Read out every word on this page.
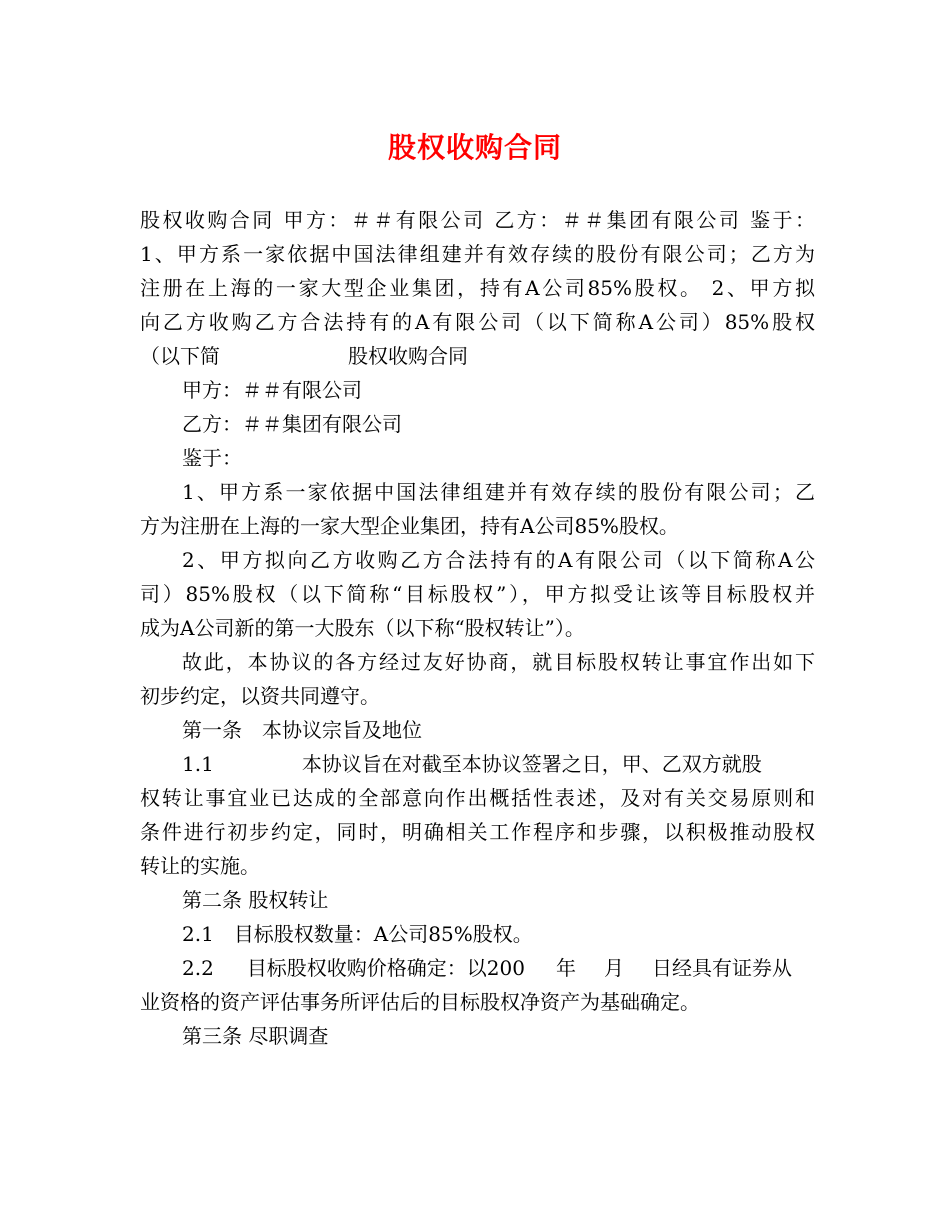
股权收购合同
股权收购合同 甲方：＃＃有限公司 乙方：＃＃集团有限公司 鉴于：
1、甲方系一家依据中国法律组建并有效存续的股份有限公司；乙方为
注册在上海的一家大型企业集团，持有A公司85%股权。 2、甲方拟
向乙方收购乙方合法持有的A有限公司（以下简称A公司）85%股权
（以下简	股权收购合同
甲方：＃＃有限公司
乙方：＃＃集团有限公司
鉴于：
1、甲方系一家依据中国法律组建并有效存续的股份有限公司；乙
方为注册在上海的一家大型企业集团，持有A公司85%股权。
2、甲方拟向乙方收购乙方合法持有的A有限公司（以下简称A公
司）85%股权（以下简称“目标股权”），甲方拟受让该等目标股权并
成为A公司新的第一大股东（以下称“股权转让”）。
故此，本协议的各方经过友好协商，就目标股权转让事宜作出如下
初步约定，以资共同遵守。
第一条　本协议宗旨及地位
1.1	本协议旨在对截至本协议签署之日，甲、乙双方就股
权转让事宜业已达成的全部意向作出概括性表述，及对有关交易原则和
条件进行初步约定，同时，明确相关工作程序和步骤，以积极推动股权
转让的实施。
第二条 股权转让
2.1 目标股权数量：A公司85%股权。
2.2 目标股权收购价格确定：以200 年 月 日经具有证券从
业资格的资产评估事务所评估后的目标股权净资产为基础确定。
第三条 尽职调查
